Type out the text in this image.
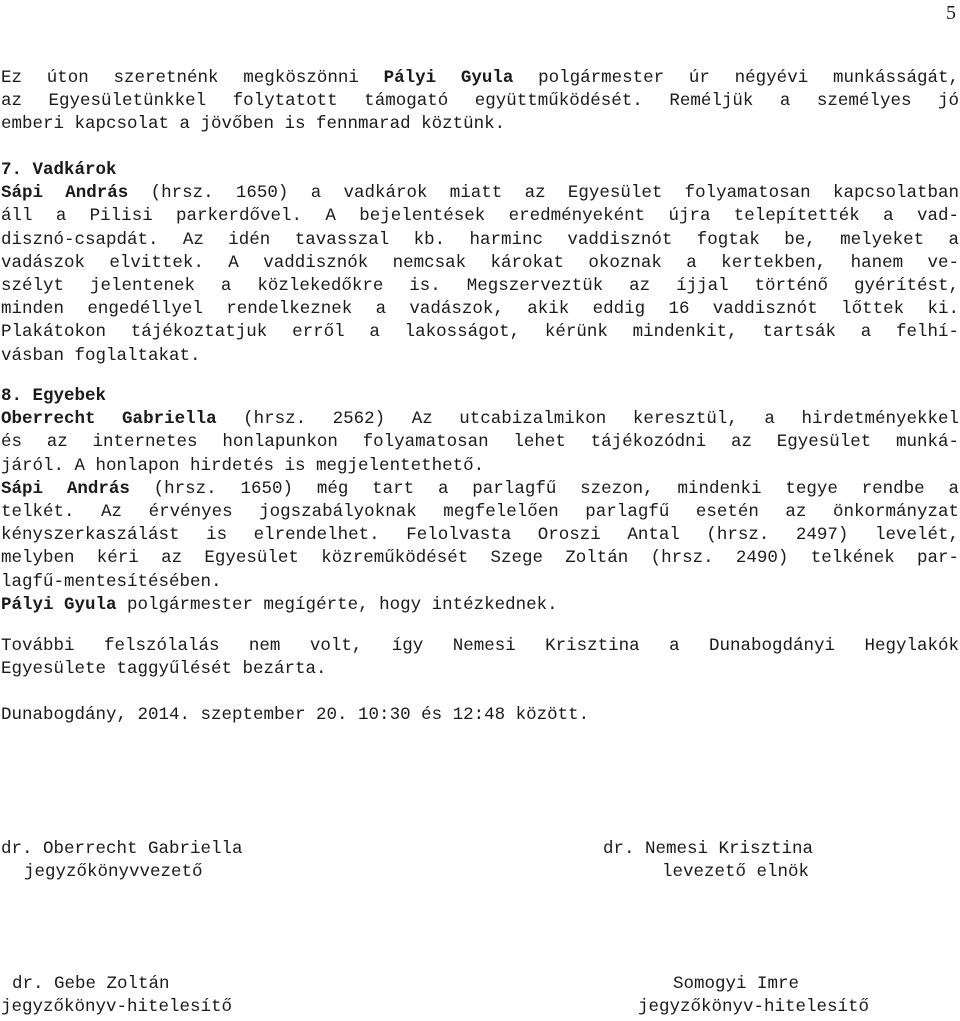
5
Ez úton szeretnénk megköszönni Pályi Gyula polgármester úr négyévi munkásságát,
az Egyesületünkkel folytatott támogató együttműködését. Reméljük a személyes jó
emberi kapcsolat a jövőben is fennmarad köztünk.
7. Vadkárok
Sápi András (hrsz. 1650) a vadkárok miatt az Egyesület folyamatosan kapcsolatban
áll a Pilisi parkerdővel. A bejelentések eredményeként újra telepítették a vad-
disznó-csapdát. Az idén tavasszal kb. harminc vaddisznót fogtak be, melyeket a
vadászok elvittek. A vaddisznók nemcsak károkat okoznak a kertekben, hanem ve-
szélyt jelentenek a közlekedőkre is. Megszerveztük az íjjal történő gyérítést,
minden engedéllyel rendelkeznek a vadászok, akik eddig 16 vaddisznót lőttek ki.
Plakátokon tájékoztatjuk erről a lakosságot, kérünk mindenkit, tartsák a felhí-
vásban foglaltakat.
8. Egyebek
Oberrecht Gabriella (hrsz. 2562) Az utcabizalmikon keresztül, a hirdetményekkel
és az internetes honlapunkon folyamatosan lehet tájékozódni az Egyesület munká-
járól. A honlapon hirdetés is megjelentethető.
Sápi András (hrsz. 1650) még tart a parlagfű szezon, mindenki tegye rendbe a
telkét. Az érvényes jogszabályoknak megfelelően parlagfű esetén az önkormányzat
kényszerkaszálást is elrendelhet. Felolvasta Oroszi Antal (hrsz. 2497) levelét,
melyben kéri az Egyesület közreműködését Szege Zoltán (hrsz. 2490) telkének par-
lagfű-mentesítésében.
Pályi Gyula polgármester megígérte, hogy intézkednek.
További felszólalás nem volt, így Nemesi Krisztina a Dunabogdányi Hegylakók
Egyesülete taggyűlését bezárta.
Dunabogdány, 2014. szeptember 20. 10:30 és 12:48 között.
dr. Oberrecht Gabriella
jegyzőkönyvvezető
dr. Nemesi Krisztina
levezető elnök
dr. Gebe Zoltán
jegyzőkönyv-hitelesítő
Somogyi Imre
jegyzőkönyv-hitelesítő
